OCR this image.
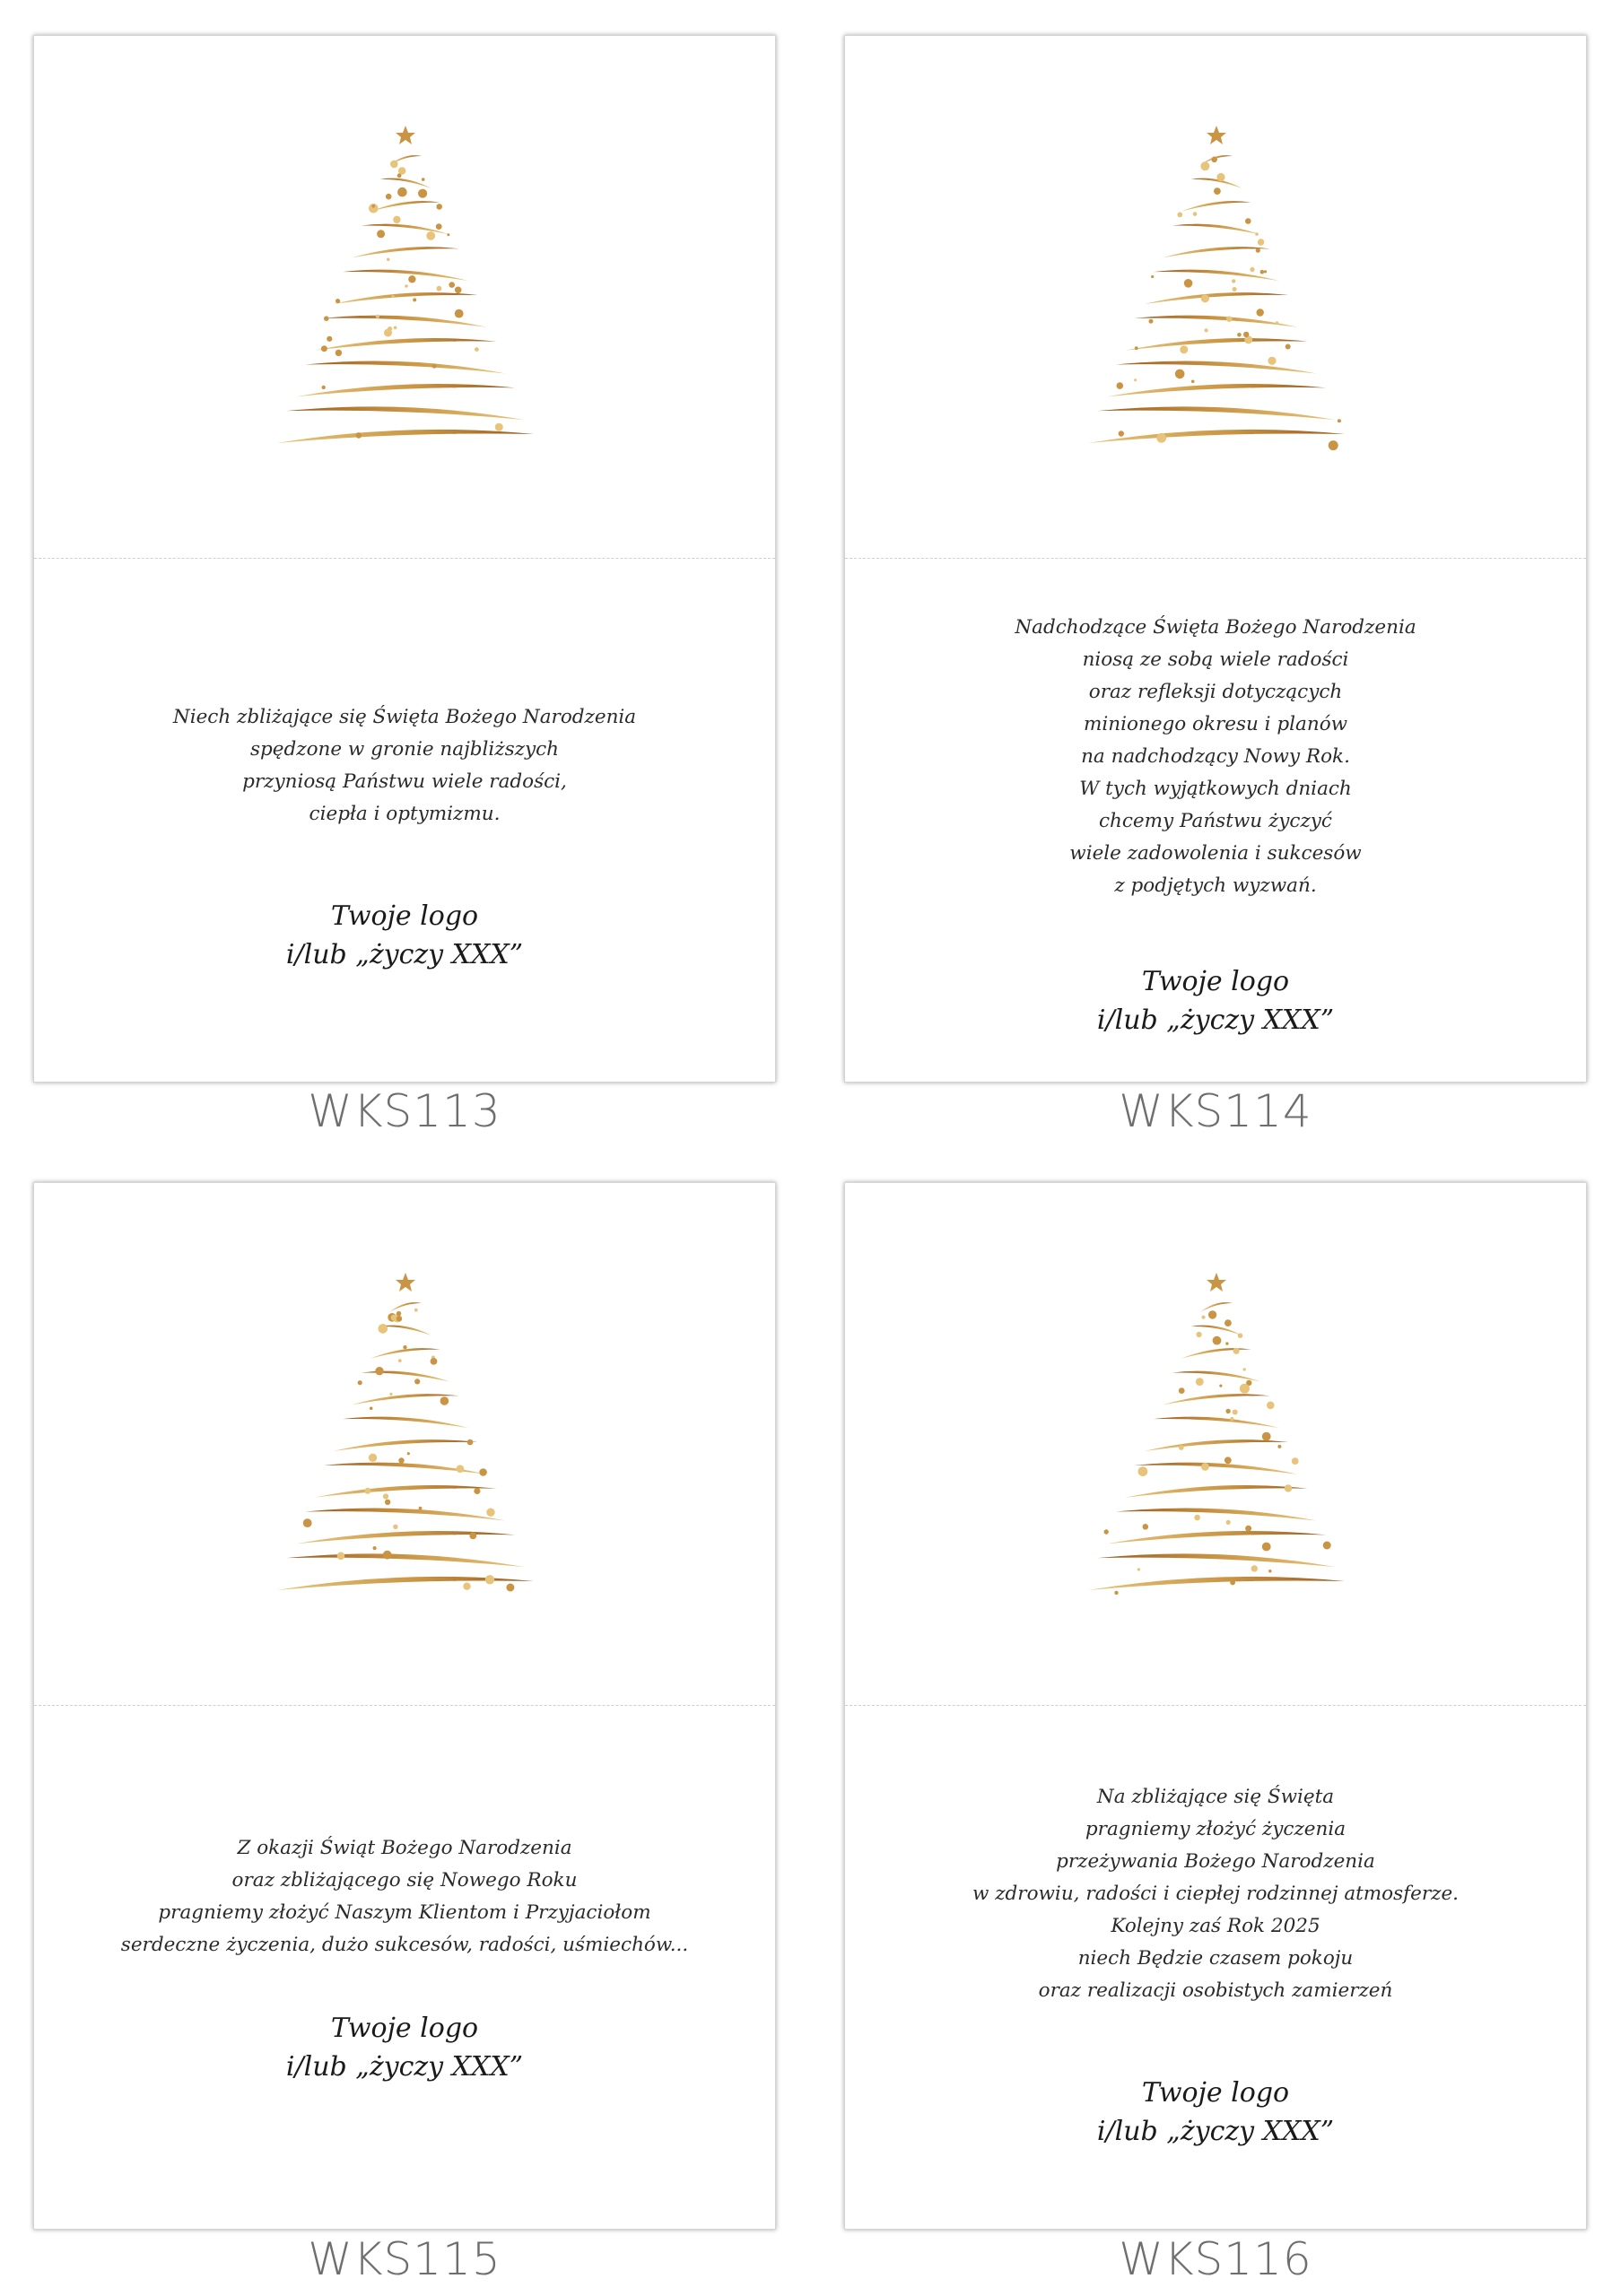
Niech zbliżające się Święta Bożego Narodzenia
spędzone w gronie najbliższych
przyniosą Państwu wiele radości,
ciepła i optymizmu.
Twoje logo
i/lub „życzy XXX”
WKS113
Nadchodzące Święta Bożego Narodzenia
niosą ze sobą wiele radości
oraz refleksji dotyczących
minionego okresu i planów
na nadchodzący Nowy Rok.
W tych wyjątkowych dniach
chcemy Państwu życzyć
wiele zadowolenia i sukcesów
z podjętych wyzwań.
Twoje logo
i/lub „życzy XXX”
WKS114
Z okazji Świąt Bożego Narodzenia
oraz zbliżającego się Nowego Roku
pragniemy złożyć Naszym Klientom i Przyjaciołom
serdeczne życzenia, dużo sukcesów, radości, uśmiechów...
Twoje logo
i/lub „życzy XXX”
WKS115
Na zbliżające się Święta
pragniemy złożyć życzenia
przeżywania Bożego Narodzenia
w zdrowiu, radości i ciepłej rodzinnej atmosferze.
Kolejny zaś Rok 2025
niech Będzie czasem pokoju
oraz realizacji osobistych zamierzeń
Twoje logo
i/lub „życzy XXX”
WKS116
